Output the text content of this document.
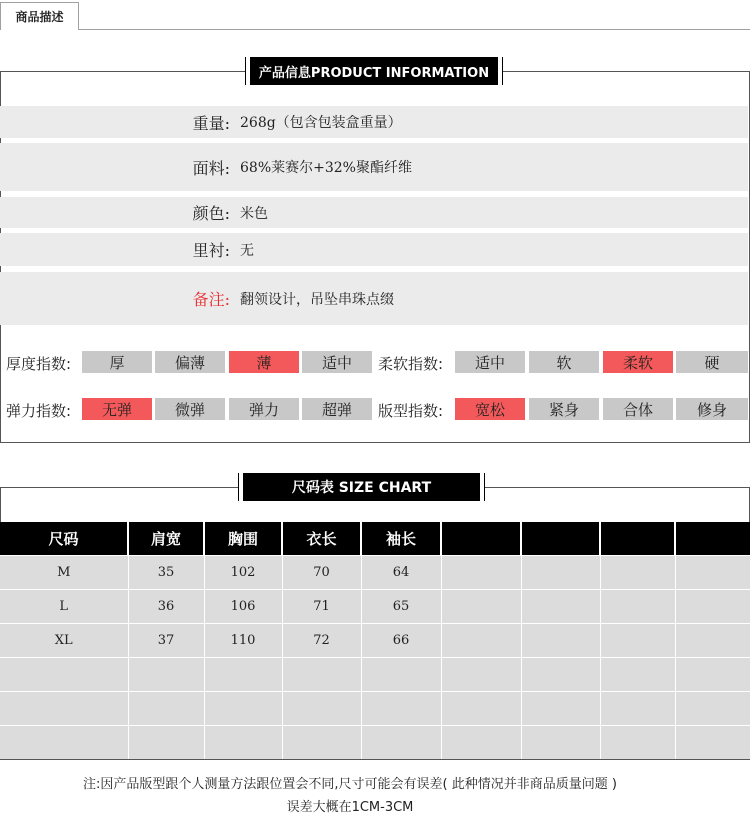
商品描述
产品信息PRODUCT INFORMATION
重量: 268g（包含包装盒重量）
面料: 68%莱赛尔+32%聚酯纤维
颜色: 米色
里衬: 无
备注: 翻领设计，吊坠串珠点缀
厚度指数:	厚	偏薄	薄	适中	柔软指数:	适中	软	柔软	硬
弹力指数:	无弹	微弹	弹力	超弹	版型指数:	宽松	紧身	合体	修身
尺码表 SIZE CHART
尺码	肩宽	胸围	衣长	袖长				
M	35	102	70	64				
L	36	106	71	65				
XL	37	110	72	66				

注:因产品版型跟个人测量方法跟位置会不同,尺寸可能会有误差( 此种情况并非商品质量问题 )
误差大概在1CM-3CM
